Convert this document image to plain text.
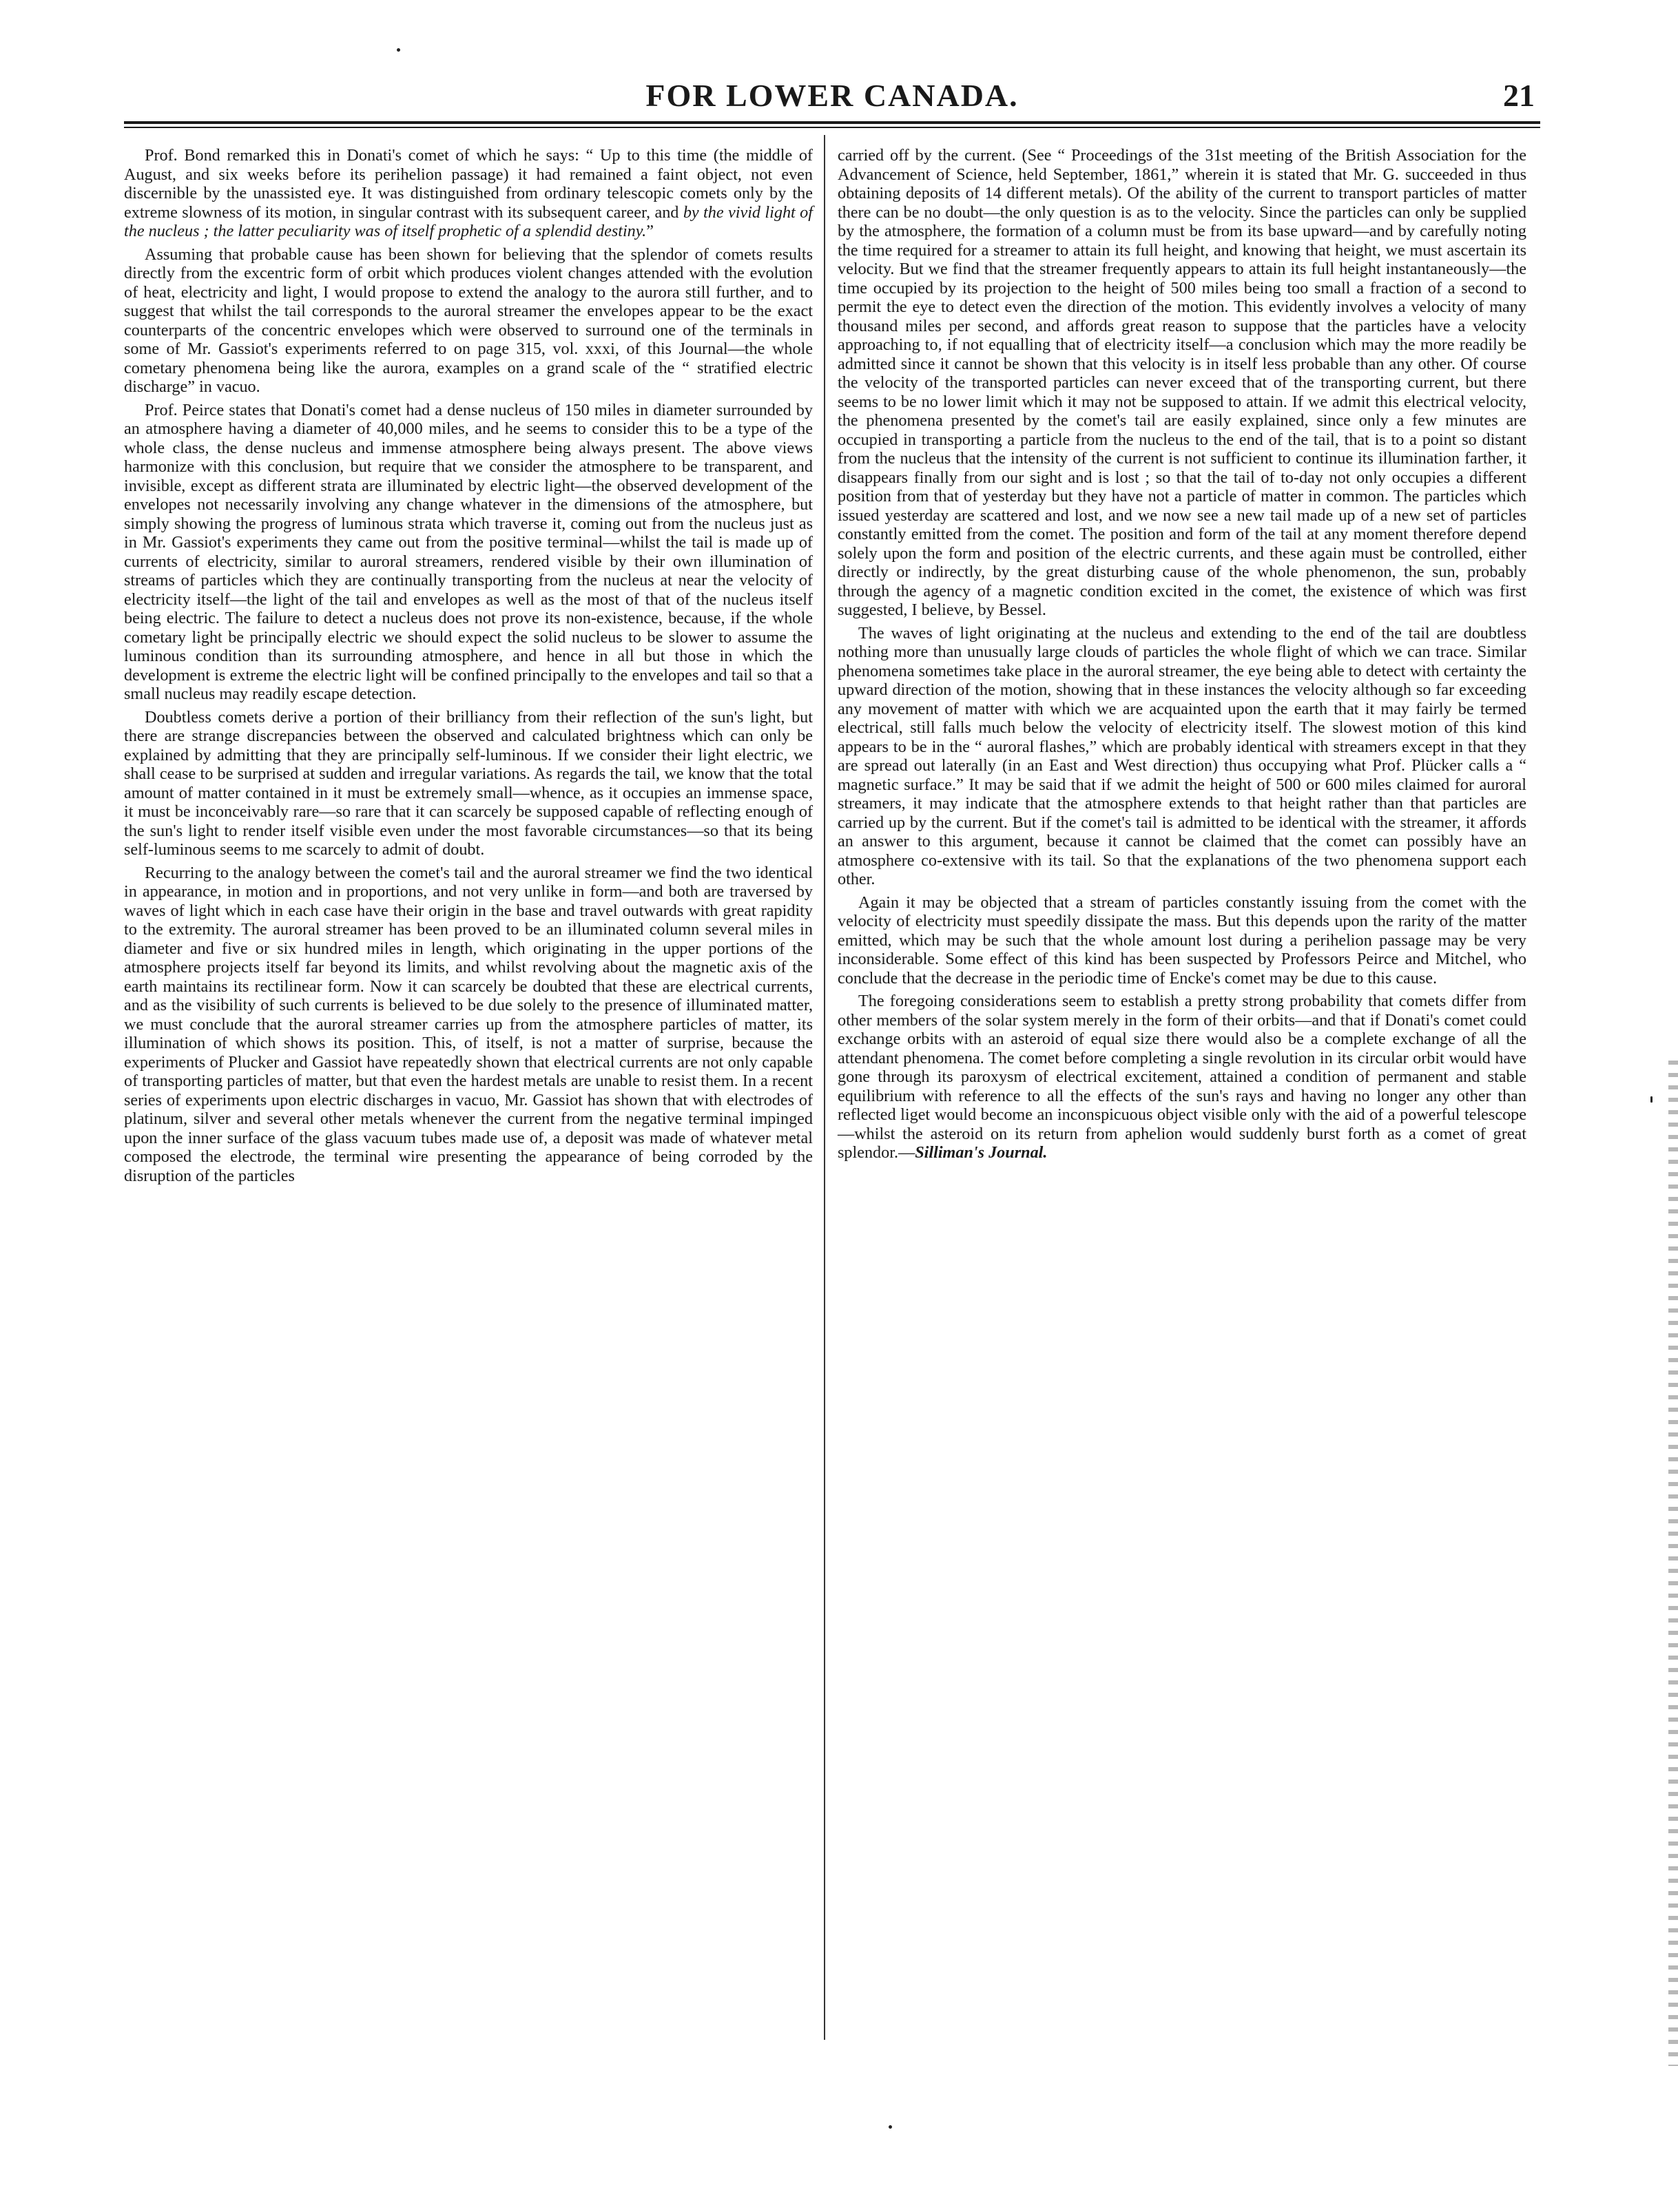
FOR LOWER CANADA.	21

Prof. Bond remarked this in Donati's comet of which he says: “ Up to this time (the middle of August, and six weeks before its perihelion passage) it had remained a faint object, not even discernible by the unassisted eye. It was distinguished from ordinary telescopic comets only by the extreme slowness of its motion, in singular contrast with its subsequent career, and by the vivid light of the nucleus ; the latter peculiarity was of itself prophetic of a splendid destiny.”

Assuming that probable cause has been shown for believing that the splendor of comets results directly from the excentric form of orbit which produces violent changes attended with the evolution of heat, electricity and light, I would propose to extend the analogy to the aurora still further, and to suggest that whilst the tail corresponds to the auroral streamer the envelopes appear to be the exact counterparts of the concentric envelopes which were observed to surround one of the terminals in some of Mr. Gassiot's experiments referred to on page 315, vol. xxxi, of this Journal—the whole cometary phenomena being like the aurora, examples on a grand scale of the “ stratified electric discharge” in vacuo.

Prof. Peirce states that Donati's comet had a dense nucleus of 150 miles in diameter surrounded by an atmosphere having a diameter of 40,000 miles, and he seems to consider this to be a type of the whole class, the dense nucleus and immense atmosphere being always present. The above views harmonize with this conclusion, but require that we consider the atmosphere to be transparent, and invisible, except as different strata are illuminated by electric light—the observed development of the envelopes not necessarily involving any change whatever in the dimensions of the atmosphere, but simply showing the progress of luminous strata which traverse it, coming out from the nucleus just as in Mr. Gassiot's experiments they came out from the positive terminal—whilst the tail is made up of currents of electricity, similar to auroral streamers, rendered visible by their own illumination of streams of particles which they are continually transporting from the nucleus at near the velocity of electricity itself—the light of the tail and envelopes as well as the most of that of the nucleus itself being electric. The failure to detect a nucleus does not prove its non-existence, because, if the whole cometary light be principally electric we should expect the solid nucleus to be slower to assume the luminous condition than its surrounding atmosphere, and hence in all but those in which the development is extreme the electric light will be confined principally to the envelopes and tail so that a small nucleus may readily escape detection.

Doubtless comets derive a portion of their brilliancy from their reflection of the sun's light, but there are strange discrepancies between the observed and calculated brightness which can only be explained by admitting that they are principally self-luminous. If we consider their light electric, we shall cease to be surprised at sudden and irregular variations. As regards the tail, we know that the total amount of matter contained in it must be extremely small—whence, as it occupies an immense space, it must be inconceivably rare—so rare that it can scarcely be supposed capable of reflecting enough of the sun's light to render itself visible even under the most favorable circumstances—so that its being self-luminous seems to me scarcely to admit of doubt.

Recurring to the analogy between the comet's tail and the auroral streamer we find the two identical in appearance, in motion and in proportions, and not very unlike in form—and both are traversed by waves of light which in each case have their origin in the base and travel outwards with great rapidity to the extremity. The auroral streamer has been proved to be an illuminated column several miles in diameter and five or six hundred miles in length, which originating in the upper portions of the atmosphere projects itself far beyond its limits, and whilst revolving about the magnetic axis of the earth maintains its rectilinear form. Now it can scarcely be doubted that these are electrical currents, and as the visibility of such currents is believed to be due solely to the presence of illuminated matter, we must conclude that the auroral streamer carries up from the atmosphere particles of matter, its illumination of which shows its position. This, of itself, is not a matter of surprise, because the experiments of Plucker and Gassiot have repeatedly shown that electrical currents are not only capable of transporting particles of matter, but that even the hardest metals are unable to resist them. In a recent series of experiments upon electric discharges in vacuo, Mr. Gassiot has shown that with electrodes of platinum, silver and several other metals whenever the current from the negative terminal impinged upon the inner surface of the glass vacuum tubes made use of, a deposit was made of whatever metal composed the electrode, the terminal wire presenting the appearance of being corroded by the disruption of the particles

carried off by the current. (See “ Proceedings of the 31st meeting of the British Association for the Advancement of Science, held September, 1861,” wherein it is stated that Mr. G. succeeded in thus obtaining deposits of 14 different metals). Of the ability of the current to transport particles of matter there can be no doubt—the only question is as to the velocity. Since the particles can only be supplied by the atmosphere, the formation of a column must be from its base upward—and by carefully noting the time required for a streamer to attain its full height, and knowing that height, we must ascertain its velocity. But we find that the streamer frequently appears to attain its full height instantaneously—the time occupied by its projection to the height of 500 miles being too small a fraction of a second to permit the eye to detect even the direction of the motion. This evidently involves a velocity of many thousand miles per second, and affords great reason to suppose that the particles have a velocity approaching to, if not equalling that of electricity itself—a conclusion which may the more readily be admitted since it cannot be shown that this velocity is in itself less probable than any other. Of course the velocity of the transported particles can never exceed that of the transporting current, but there seems to be no lower limit which it may not be supposed to attain. If we admit this electrical velocity, the phenomena presented by the comet's tail are easily explained, since only a few minutes are occupied in transporting a particle from the nucleus to the end of the tail, that is to a point so distant from the nucleus that the intensity of the current is not sufficient to continue its illumination farther, it disappears finally from our sight and is lost ; so that the tail of to-day not only occupies a different position from that of yesterday but they have not a particle of matter in common. The particles which issued yesterday are scattered and lost, and we now see a new tail made up of a new set of particles constantly emitted from the comet. The position and form of the tail at any moment therefore depend solely upon the form and position of the electric currents, and these again must be controlled, either directly or indirectly, by the great disturbing cause of the whole phenomenon, the sun, probably through the agency of a magnetic condition excited in the comet, the existence of which was first suggested, I believe, by Bessel.

The waves of light originating at the nucleus and extending to the end of the tail are doubtless nothing more than unusually large clouds of particles the whole flight of which we can trace. Similar phenomena sometimes take place in the auroral streamer, the eye being able to detect with certainty the upward direction of the motion, showing that in these instances the velocity although so far exceeding any movement of matter with which we are acquainted upon the earth that it may fairly be termed electrical, still falls much below the velocity of electricity itself. The slowest motion of this kind appears to be in the “ auroral flashes,” which are probably identical with streamers except in that they are spread out laterally (in an East and West direction) thus occupying what Prof. Plücker calls a “ magnetic surface.” It may be said that if we admit the height of 500 or 600 miles claimed for auroral streamers, it may indicate that the atmosphere extends to that height rather than that particles are carried up by the current. But if the comet's tail is admitted to be identical with the streamer, it affords an answer to this argument, because it cannot be claimed that the comet can possibly have an atmosphere co-extensive with its tail. So that the explanations of the two phenomena support each other.

Again it may be objected that a stream of particles constantly issuing from the comet with the velocity of electricity must speedily dissipate the mass. But this depends upon the rarity of the matter emitted, which may be such that the whole amount lost during a perihelion passage may be very inconsiderable. Some effect of this kind has been suspected by Professors Peirce and Mitchel, who conclude that the decrease in the periodic time of Encke's comet may be due to this cause.

The foregoing considerations seem to establish a pretty strong probability that comets differ from other members of the solar system merely in the form of their orbits—and that if Donati's comet could exchange orbits with an asteroid of equal size there would also be a complete exchange of all the attendant phenomena. The comet before completing a single revolution in its circular orbit would have gone through its paroxysm of electrical excitement, attained a condition of permanent and stable equilibrium with reference to all the effects of the sun's rays and having no longer any other than reflected liget would become an inconspicuous object visible only with the aid of a powerful telescope—whilst the asteroid on its return from aphelion would suddenly burst forth as a comet of great splendor.—Silliman's Journal.
